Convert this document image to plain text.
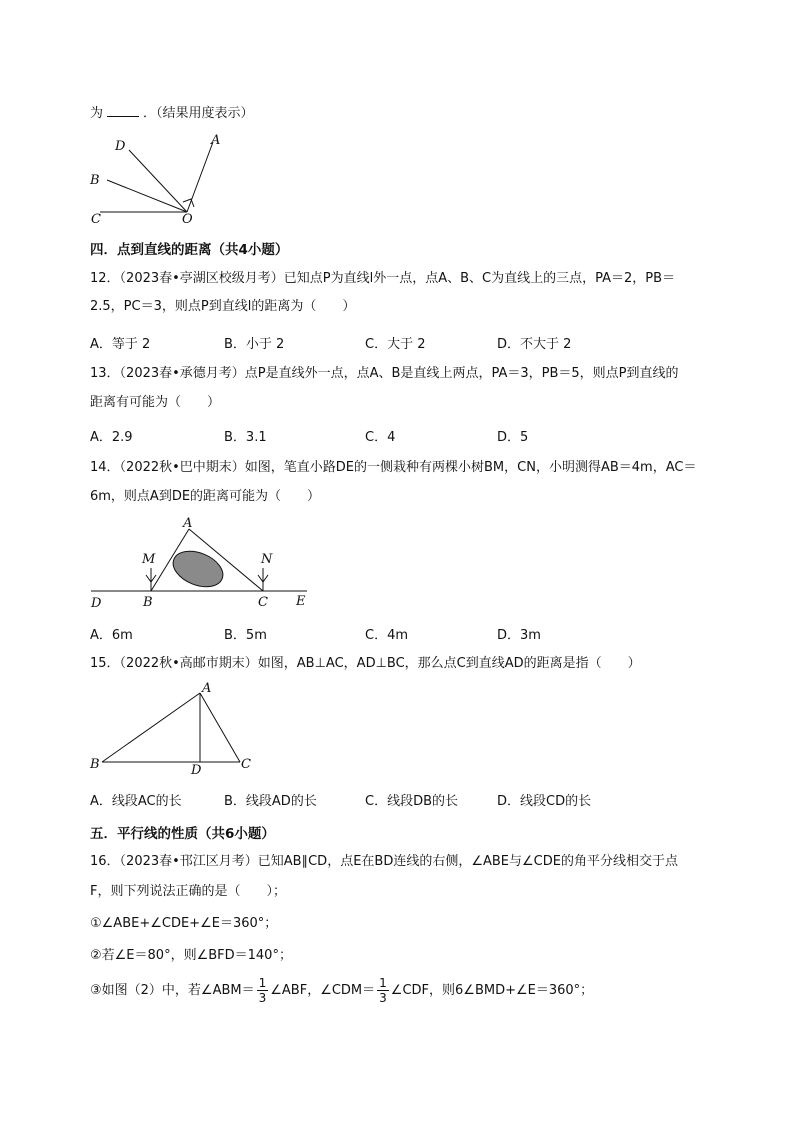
为	．（结果用度表示）
A
B
C
D
O
四．点到直线的距离（共4小题）
12．（2023春•亭湖区校级月考）已知点P为直线l外一点，点A、B、C为直线上的三点，PA＝2，PB＝
2.5，PC＝3，则点P到直线l的距离为（　　）
A．等于 2	B．小于 2	C．大于 2	D．不大于 2
13．（2023春•承德月考）点P是直线外一点，点A、B是直线上两点，PA＝3，PB＝5，则点P到直线的
距离有可能为（　　）
A．2.9	B．3.1	C．4	D．5
14．（2022秋•巴中期末）如图，笔直小路DE的一侧栽种有两棵小树BM，CN，小明测得AB＝4m，AC＝
6m，则点A到DE的距离可能为（　　）
A
M	N
D	B	C E
A．6m	B．5m	C．4m	D．3m
15．（2022秋•高邮市期末）如图，AB⊥AC，AD⊥BC，那么点C到直线AD的距离是指（　　）
A
B	C
D
A．线段AC的长	B．线段AD的长	C．线段DB的长	D．线段CD的长
五．平行线的性质（共6小题）
16．（2023春•邗江区月考）已知AB∥CD，点E在BD连线的右侧，∠ABE与∠CDE的角平分线相交于点
F，则下列说法正确的是（　　）；
①∠ABE+∠CDE+∠E＝360°；
②若∠E＝80°，则∠BFD＝140°；
③如图（2）中，若∠ABM＝ $\frac{1}{3}$ ∠ABF，∠CDM＝ $\frac{1}{3}$ ∠CDF，则6∠BMD+∠E＝360°；
